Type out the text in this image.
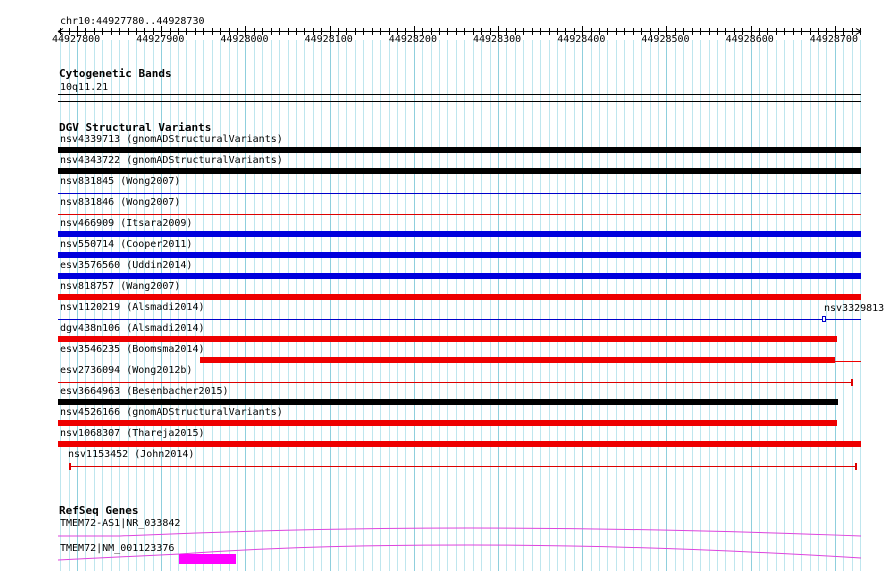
chr10:44927780..44928730
44927800	44927900	44928000	44928100	44928200	44928300	44928400	44928500	44928600	44928700
Cytogenetic Bands
10q11.21
DGV Structural Variants
nsv4339713 (gnomADStructuralVariants)
nsv4343722 (gnomADStructuralVariants)
nsv831845 (Wong2007)
nsv831846 (Wong2007)
nsv466909 (Itsara2009)
nsv550714 (Cooper2011)
esv3576560 (Uddin2014)
nsv818757 (Wang2007)
nsv1120219 (Alsmadi2014)
dgv438n106 (Alsmadi2014)
esv3546235 (Boomsma2014)
esv2736094 (Wong2012b)
esv3664963 (Besenbacher2015)
nsv4526166 (gnomADStructuralVariants)
nsv1068307 (Thareja2015)
nsv1153452 (John2014)
nsv3329813
RefSeq Genes
TMEM72-AS1|NR_033842
TMEM72|NM_001123376
